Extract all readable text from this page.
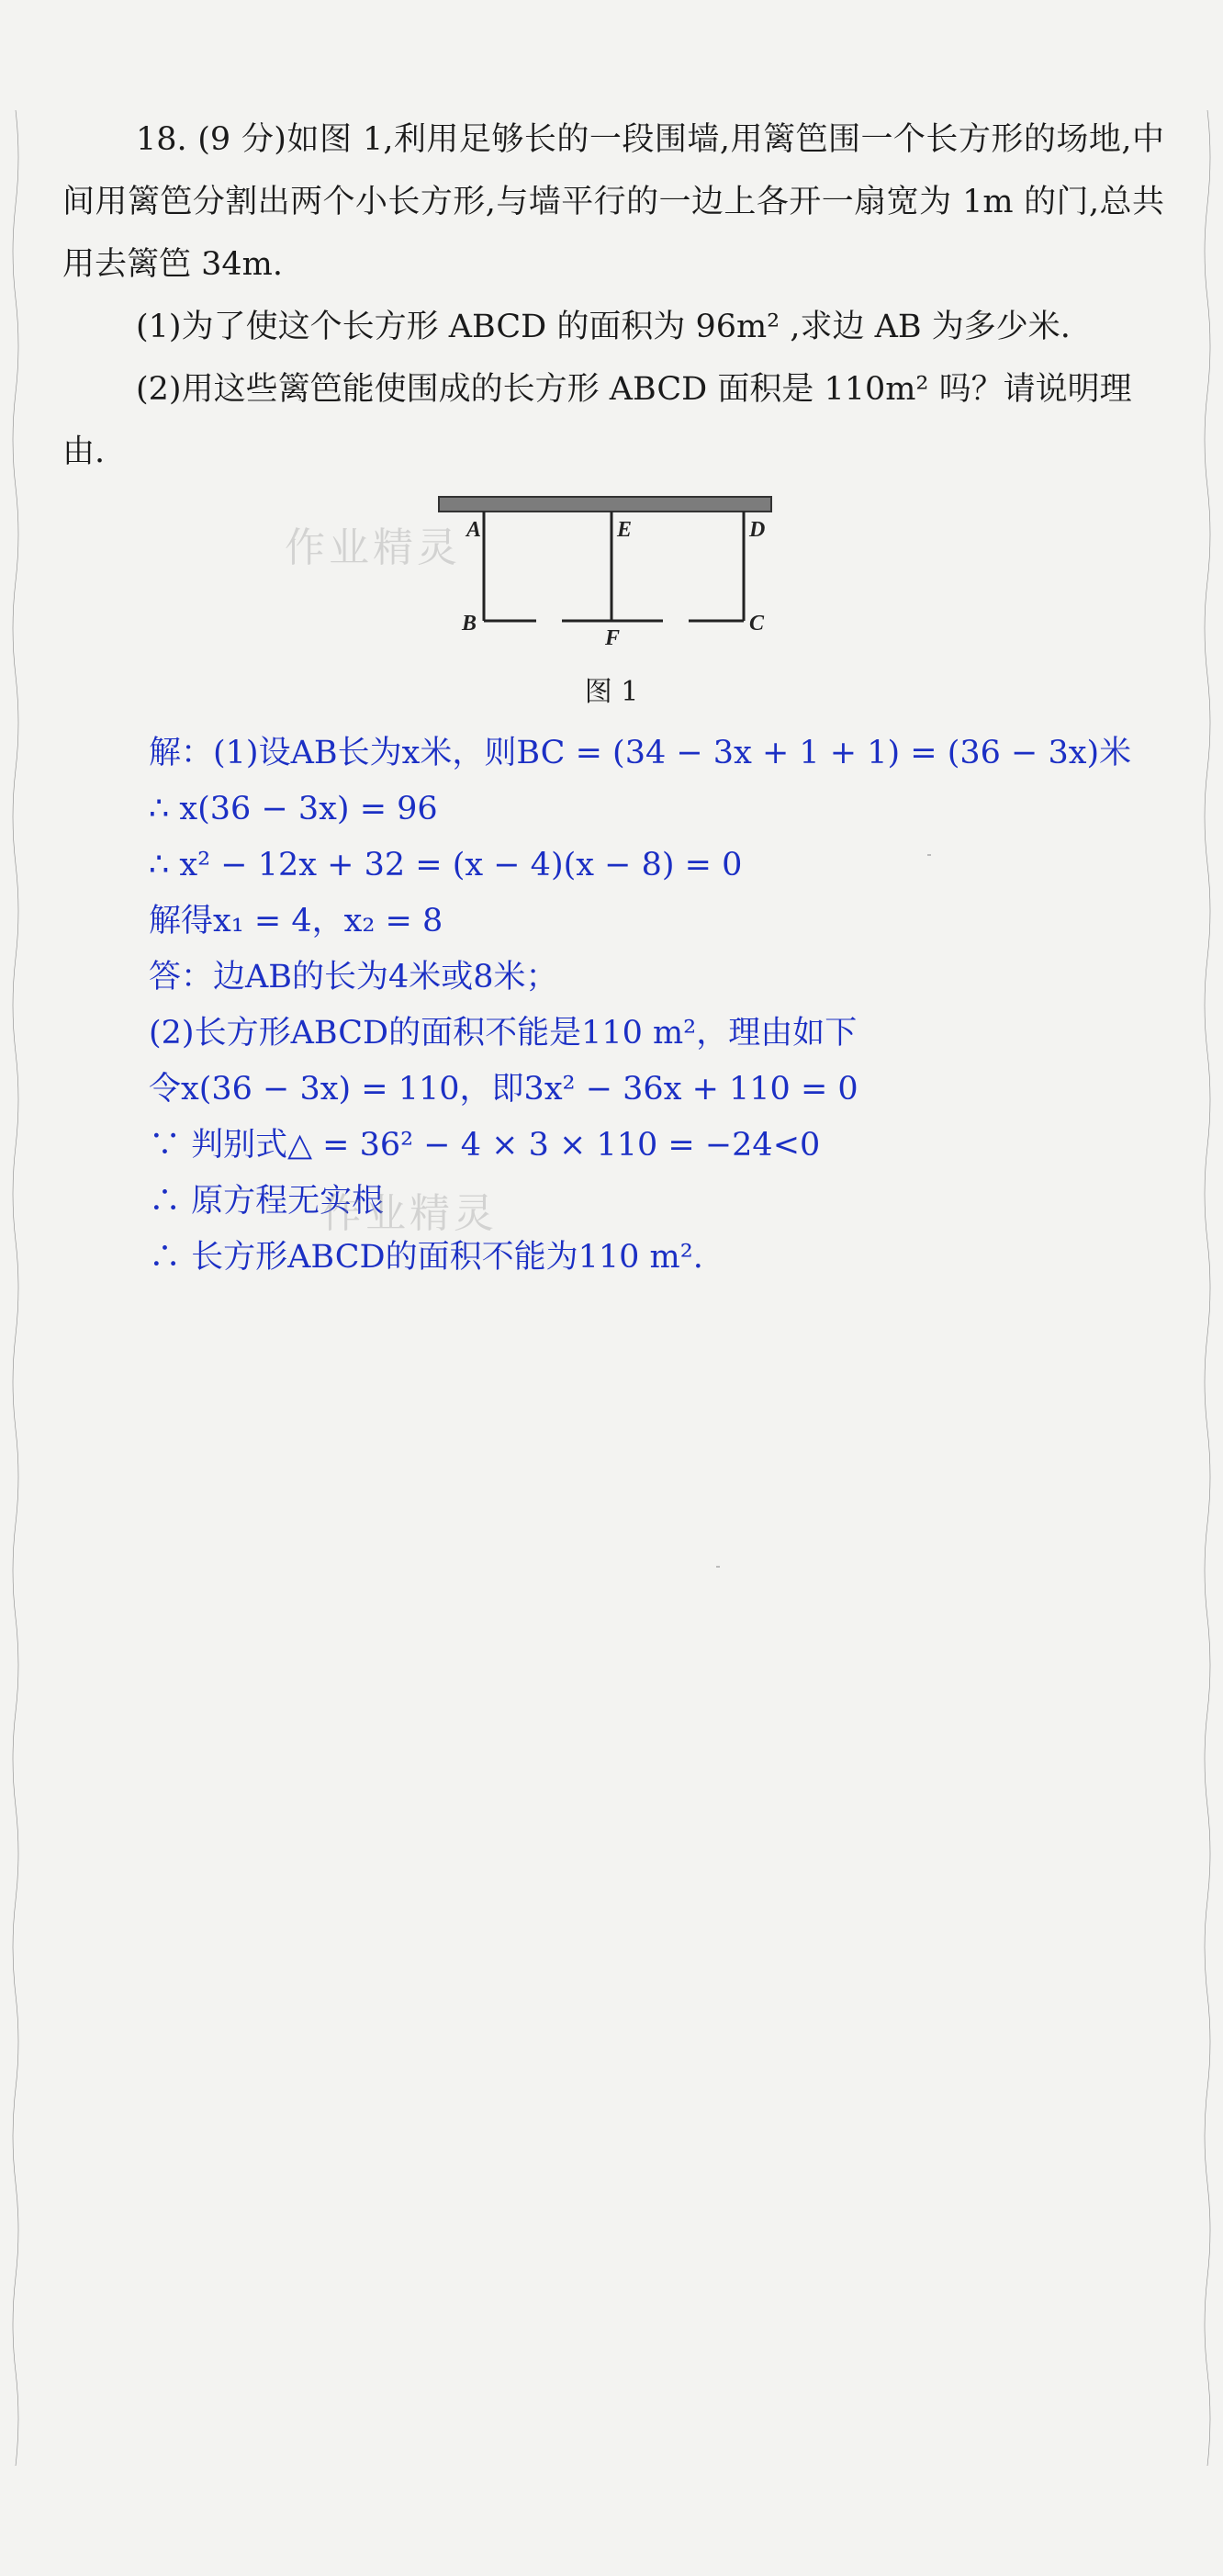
18. (9 分)如图 1,利用足够长的一段围墙,用篱笆围一个长方形的场地,中间用篱笆分割出两个小长方形,与墙平行的一边上各开一扇宽为 1m 的门,总共用去篱笆 34m.

(1)为了使这个长方形 ABCD 的面积为 96m² ,求边 AB 为多少米.

(2)用这些篱笆能使围成的长方形 ABCD 面积是 110m² 吗？请说明理由.

A	E	D
B
F
C
图 1
解：(1)设AB长为x米，则BC = (34 − 3x + 1 + 1) = (36 − 3x)米
∴ x(36 − 3x) = 96
∴ x² − 12x + 32 = (x − 4)(x − 8) = 0
解得x₁ = 4，x₂ = 8
答：边AB的长为4米或8米；
(2)长方形ABCD的面积不能是110 m²，理由如下
令x(36 − 3x) = 110，即3x² − 36x + 110 = 0
∵ 判别式△ = 36² − 4 × 3 × 110 = −24<0
∴ 原方程无实根
∴ 长方形ABCD的面积不能为110 m².
作业精灵
作业精灵
